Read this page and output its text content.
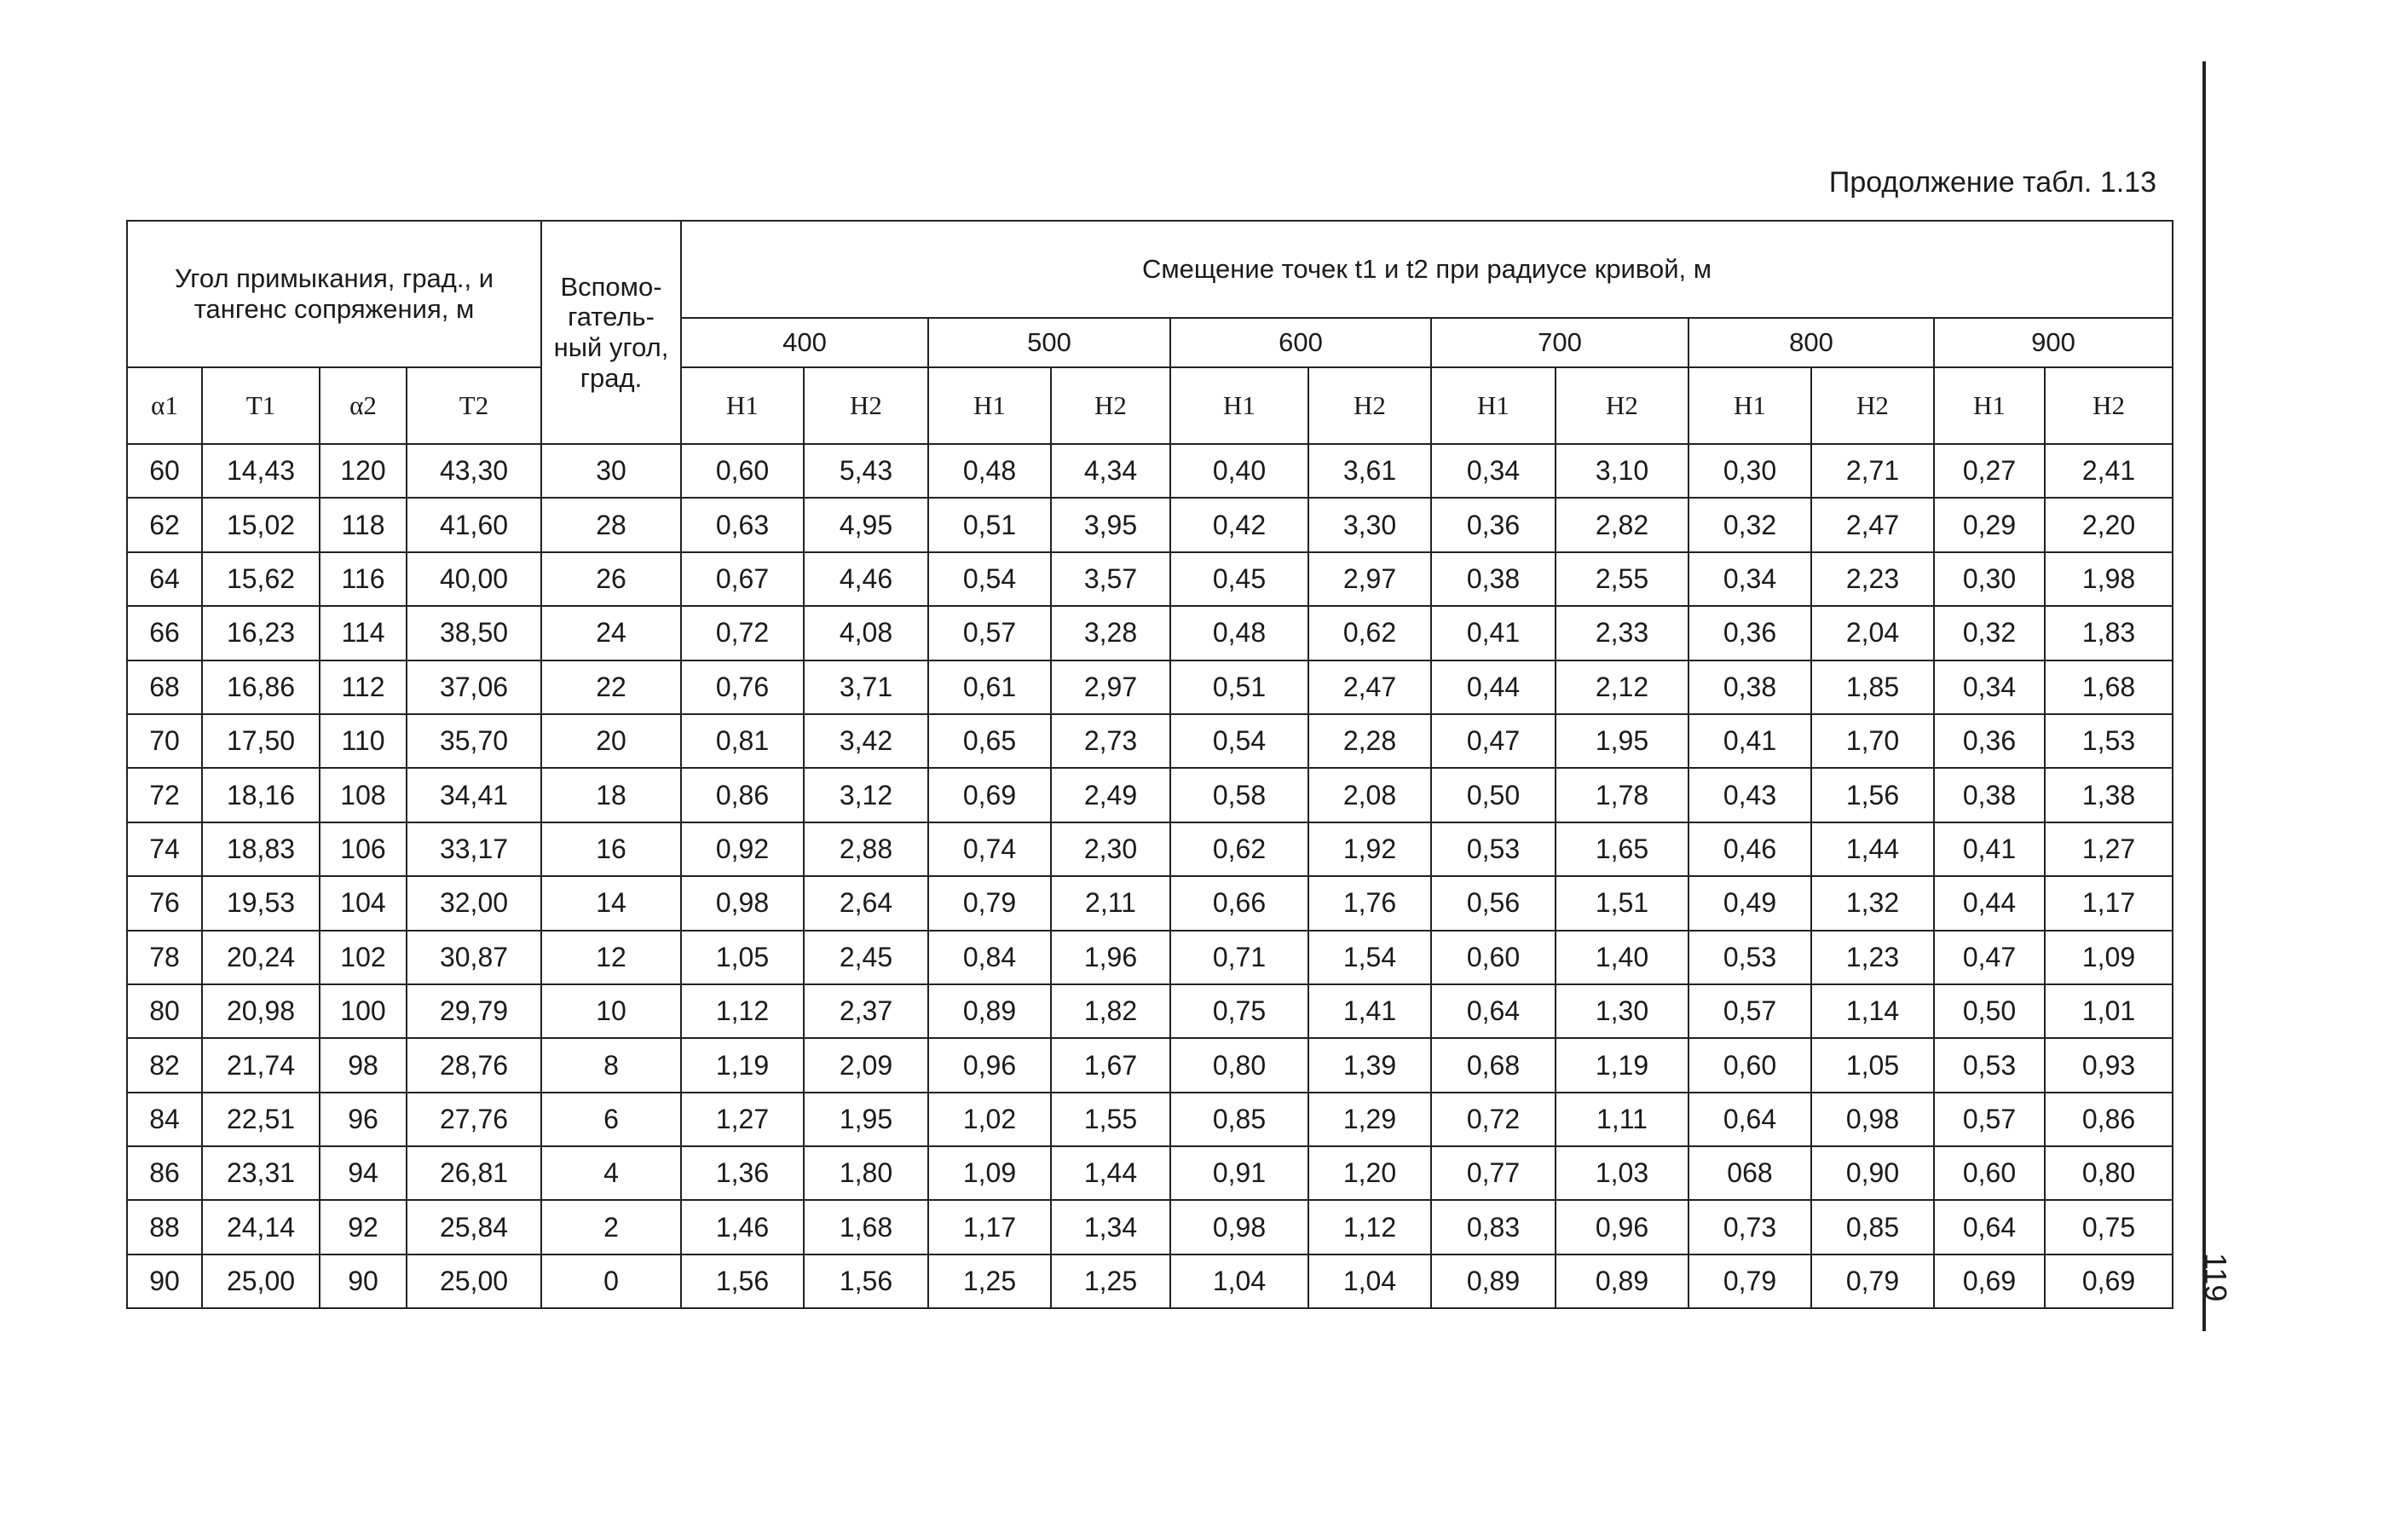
Продолжение табл. 1.13
119
Угол примыкания, град., и тангенс сопряжения, м				Вспомо- гатель- ный угол, град.	Смещение точек t1 и t2 при радиусе кривой, м											
					400		500		600		700		800		900	
α1	T1	α2	T2		H1	H2	H1	H2	H1	H2	H1	H2	H1	H2	H1	H2
60	14,43	120	43,30	30	0,60	5,43	0,48	4,34	0,40	3,61	0,34	3,10	0,30	2,71	0,27	2,41
62	15,02	118	41,60	28	0,63	4,95	0,51	3,95	0,42	3,30	0,36	2,82	0,32	2,47	0,29	2,20
64	15,62	116	40,00	26	0,67	4,46	0,54	3,57	0,45	2,97	0,38	2,55	0,34	2,23	0,30	1,98
66	16,23	114	38,50	24	0,72	4,08	0,57	3,28	0,48	0,62	0,41	2,33	0,36	2,04	0,32	1,83
68	16,86	112	37,06	22	0,76	3,71	0,61	2,97	0,51	2,47	0,44	2,12	0,38	1,85	0,34	1,68
70	17,50	110	35,70	20	0,81	3,42	0,65	2,73	0,54	2,28	0,47	1,95	0,41	1,70	0,36	1,53
72	18,16	108	34,41	18	0,86	3,12	0,69	2,49	0,58	2,08	0,50	1,78	0,43	1,56	0,38	1,38
74	18,83	106	33,17	16	0,92	2,88	0,74	2,30	0,62	1,92	0,53	1,65	0,46	1,44	0,41	1,27
76	19,53	104	32,00	14	0,98	2,64	0,79	2,11	0,66	1,76	0,56	1,51	0,49	1,32	0,44	1,17
78	20,24	102	30,87	12	1,05	2,45	0,84	1,96	0,71	1,54	0,60	1,40	0,53	1,23	0,47	1,09
80	20,98	100	29,79	10	1,12	2,37	0,89	1,82	0,75	1,41	0,64	1,30	0,57	1,14	0,50	1,01
82	21,74	98	28,76	8	1,19	2,09	0,96	1,67	0,80	1,39	0,68	1,19	0,60	1,05	0,53	0,93
84	22,51	96	27,76	6	1,27	1,95	1,02	1,55	0,85	1,29	0,72	1,11	0,64	0,98	0,57	0,86
86	23,31	94	26,81	4	1,36	1,80	1,09	1,44	0,91	1,20	0,77	1,03	068	0,90	0,60	0,80
88	24,14	92	25,84	2	1,46	1,68	1,17	1,34	0,98	1,12	0,83	0,96	0,73	0,85	0,64	0,75
90	25,00	90	25,00	0	1,56	1,56	1,25	1,25	1,04	1,04	0,89	0,89	0,79	0,79	0,69	0,69
